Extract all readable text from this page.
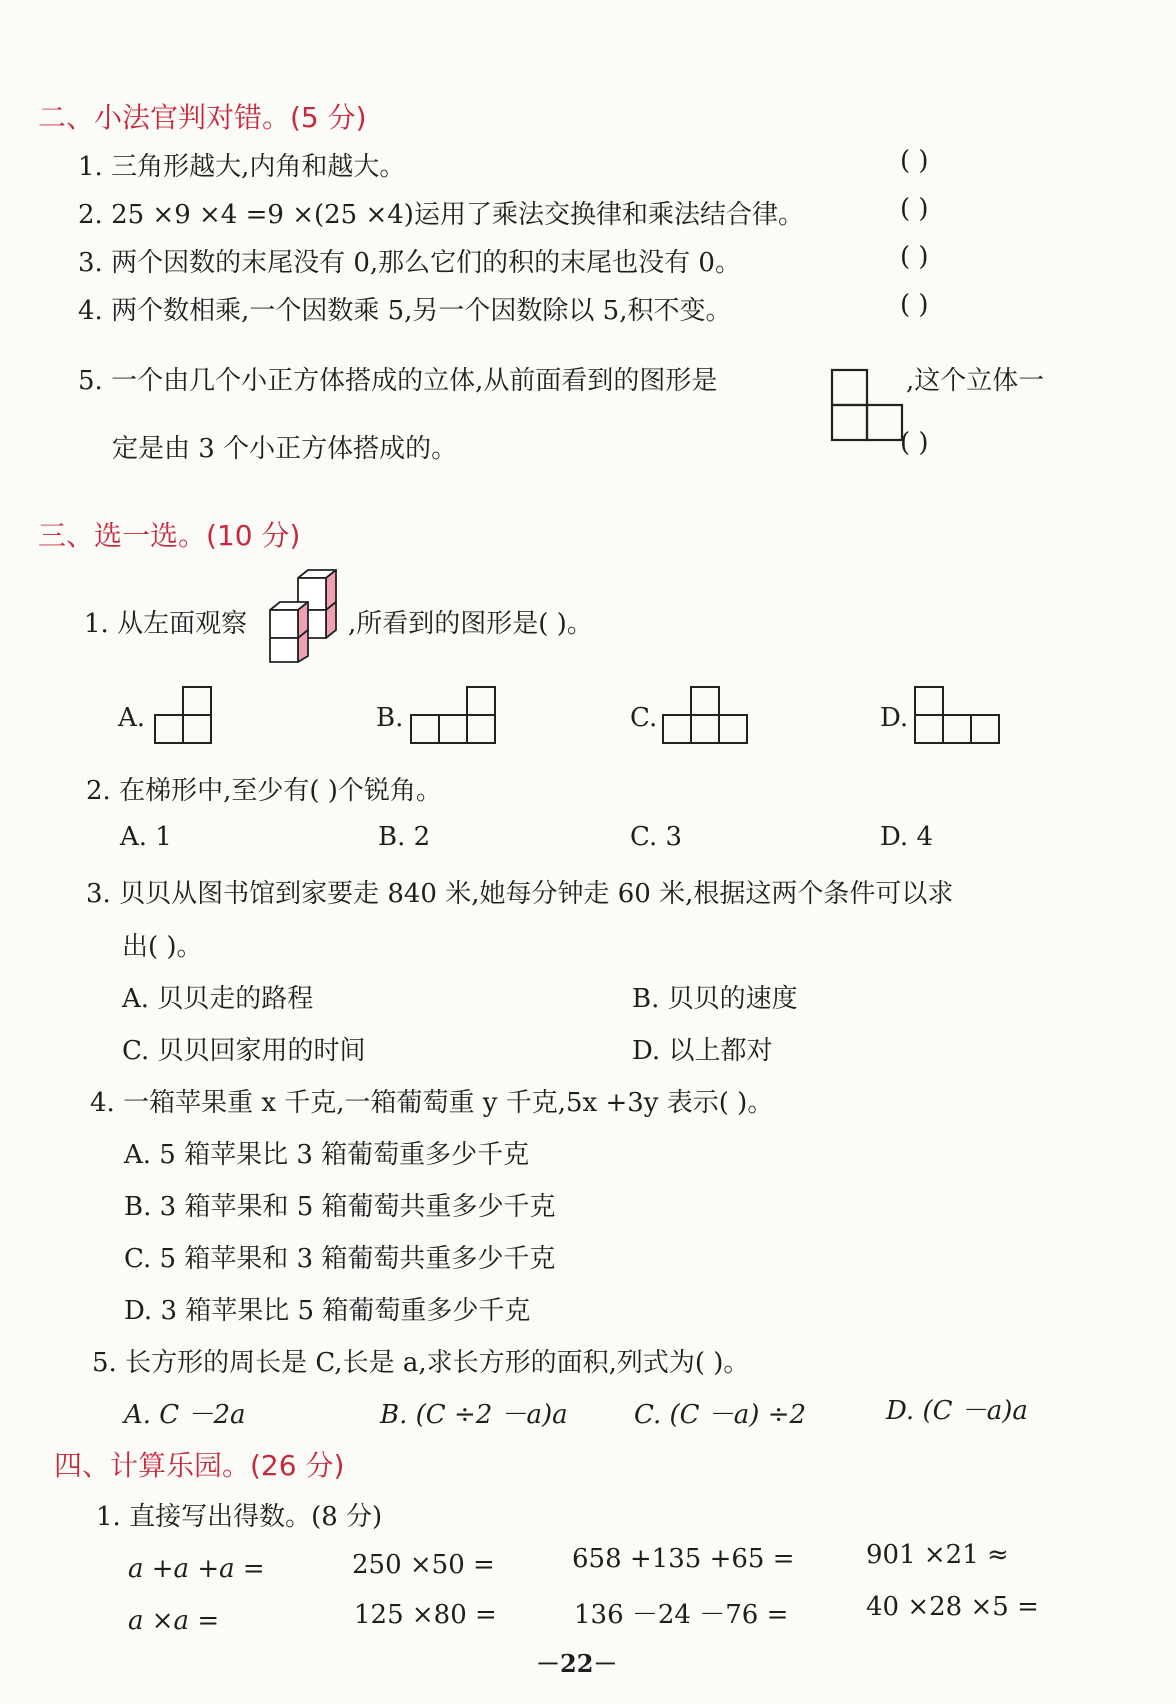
二、小法官判对错。(5 分)
1. 三角形越大,内角和越大。	( )
2. 25 ×9 ×4 =9 ×(25 ×4)运用了乘法交换律和乘法结合律。	( )
3. 两个因数的末尾没有 0,那么它们的积的末尾也没有 0。	( )
4. 两个数相乘,一个因数乘 5,另一个因数除以 5,积不变。	( )
5. 一个由几个小正方体搭成的立体,从前面看到的图形是	,这个立体一
定是由 3 个小正方体搭成的。	( )
三、选一选。(10 分)
1. 从左面观察	,所看到的图形是( )。
A.	B.	C.	D.
2. 在梯形中,至少有( )个锐角。
A. 1	B. 2	C. 3	D. 4
3. 贝贝从图书馆到家要走 840 米,她每分钟走 60 米,根据这两个条件可以求
出( )。
A. 贝贝走的路程	B. 贝贝的速度
C. 贝贝回家用的时间	D. 以上都对
4. 一箱苹果重 x 千克,一箱葡萄重 y 千克,5x +3y 表示( )。
A. 5 箱苹果比 3 箱葡萄重多少千克
B. 3 箱苹果和 5 箱葡萄共重多少千克
C. 5 箱苹果和 3 箱葡萄共重多少千克
D. 3 箱苹果比 5 箱葡萄重多少千克
5. 长方形的周长是 C,长是 a,求长方形的面积,列式为( )。
A. C －2a	B. (C ÷2 －a)a	C. (C －a) ÷2	D. (C －a)a
四、计算乐园。(26 分)
1. 直接写出得数。(8 分)
a +a +a =	250 ×50 =	658 +135 +65 =	901 ×21 ≈
a ×a =	125 ×80 =	136 －24 －76 =	40 ×28 ×5 =
－22－
